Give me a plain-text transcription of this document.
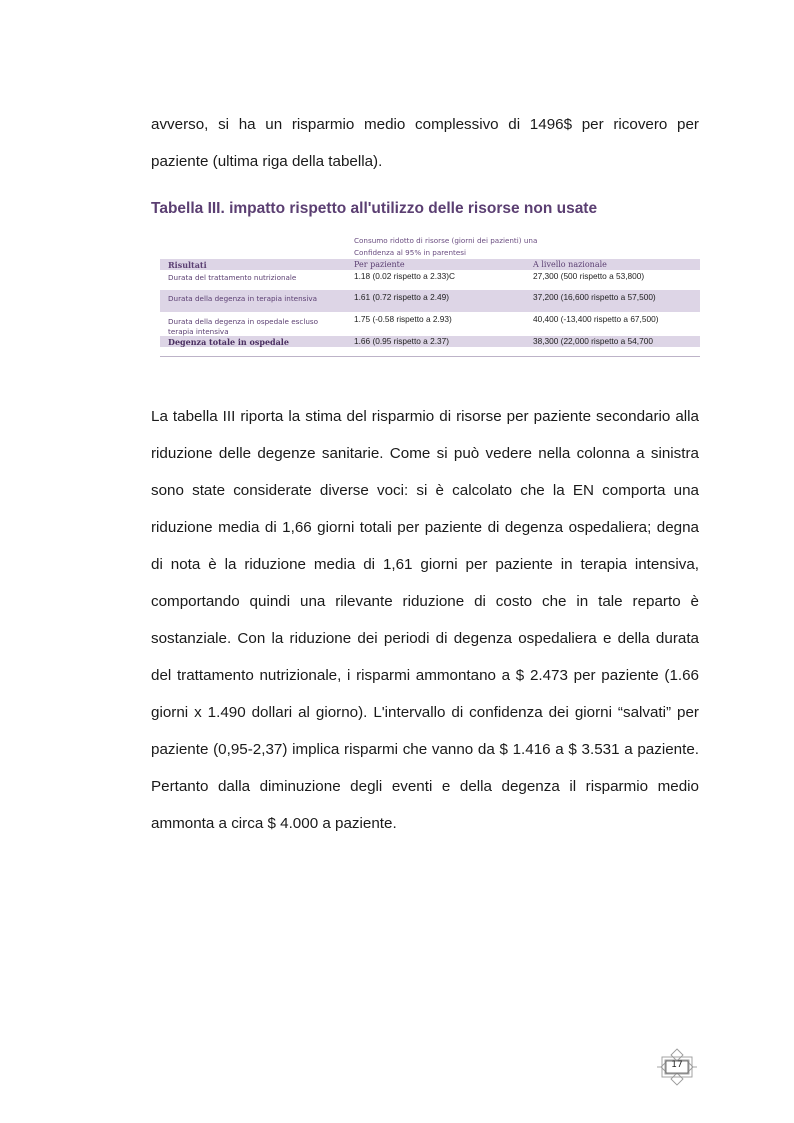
avverso, si ha un risparmio medio complessivo di 1496$ per ricovero per paziente (ultima riga della tabella).

Tabella III. impatto rispetto all'utilizzo delle risorse non usate
Consumo ridotto di risorse (giorni dei pazienti) una
Confidenza al 95% in parentesi
Risultati	Per paziente	A livello nazionale
Durata del trattamento nutrizionale	1.18 (0.02 rispetto a 2.33)C	27,300 (500 rispetto a 53,800)
Durata della degenza in terapia intensiva	1.61 (0.72 rispetto a 2.49)	37,200 (16,600 rispetto a 57,500)
Durata della degenza in ospedale escluso
terapia intensiva
1.75 (-0.58 rispetto a 2.93)	40,400 (-13,400 rispetto a 67,500)
Degenza totale in ospedale	1.66 (0.95 rispetto a 2.37)	38,300 (22,000 rispetto a 54,700

La tabella III riporta la stima del risparmio di risorse per paziente secondario alla riduzione delle degenze sanitarie. Come si può vedere nella colonna a sinistra sono state considerate diverse voci: si è calcolato che la EN comporta una riduzione media di 1,66 giorni totali per paziente di degenza ospedaliera; degna di nota è la riduzione media di 1,61 giorni per paziente in terapia intensiva, comportando quindi una rilevante riduzione di costo che in tale reparto è sostanziale. Con la riduzione dei periodi di degenza ospedaliera e della durata del trattamento nutrizionale, i risparmi ammontano a $ 2.473 per paziente (1.66 giorni x 1.490 dollari al giorno). L'intervallo di confidenza dei giorni “salvati” per paziente (0,95-2,37) implica risparmi che vanno da $ 1.416 a $ 3.531 a paziente. Pertanto dalla diminuzione degli eventi e della degenza il risparmio medio ammonta a circa $ 4.000 a paziente.

17
